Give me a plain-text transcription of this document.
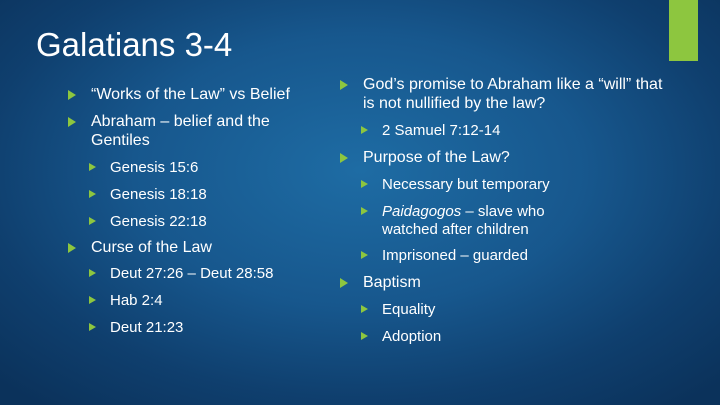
Galatians 3-4
“Works of the Law” vs Belief
Abraham – belief and the Gentiles
Genesis 15:6
Genesis 18:18
Genesis 22:18
Curse of the Law
Deut 27:26 – Deut 28:58
Hab 2:4
Deut 21:23
God’s promise to Abraham like a “will” that is not nullified by the law?
2 Samuel 7:12-14
Purpose of the Law?
Necessary but temporary
Paidagogos – slave who watched after children
Imprisoned – guarded
Baptism
Equality
Adoption
